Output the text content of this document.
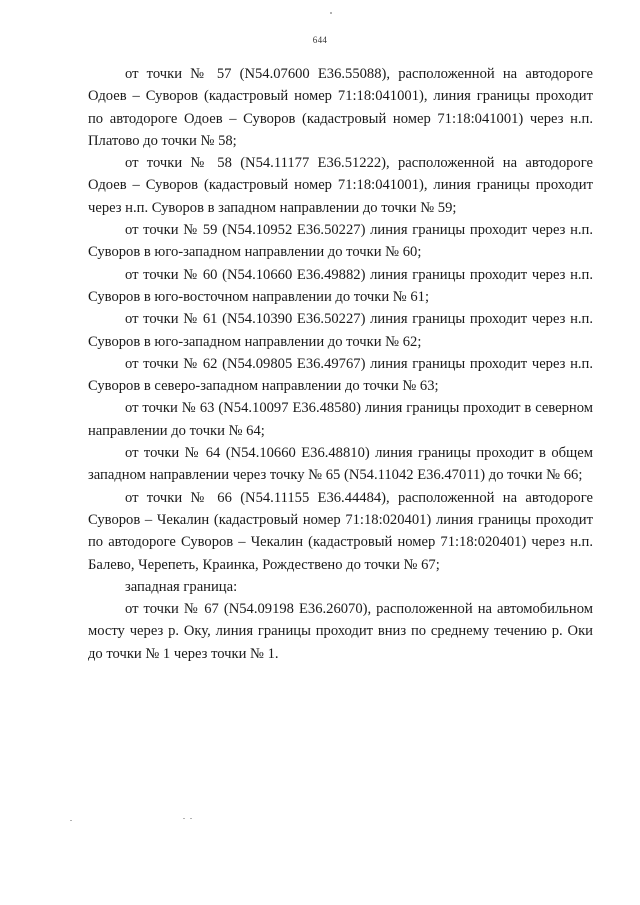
644

от точки № 57 (N54.07600 E36.55088), расположенной на автодороге Одоев – Суворов (кадастровый номер 71:18:041001), линия границы проходит по автодороге Одоев – Суворов (кадастровый номер 71:18:041001) через н.п. Платово до точки № 58;

от точки № 58 (N54.11177 E36.51222), расположенной на автодороге Одоев – Суворов (кадастровый номер 71:18:041001), линия границы проходит через н.п. Суворов в западном направлении до точки № 59;

от точки № 59 (N54.10952 E36.50227) линия границы проходит через н.п. Суворов в юго-западном направлении до точки № 60;

от точки № 60 (N54.10660 E36.49882) линия границы проходит через н.п. Суворов в юго-восточном направлении до точки № 61;

от точки № 61 (N54.10390 E36.50227) линия границы проходит через н.п. Суворов в юго-западном направлении до точки № 62;

от точки № 62 (N54.09805 E36.49767) линия границы проходит через н.п. Суворов в северо-западном направлении до точки № 63;

от точки № 63 (N54.10097 E36.48580) линия границы проходит в северном направлении до точки № 64;

от точки № 64 (N54.10660 E36.48810) линия границы проходит в общем западном направлении через точку № 65 (N54.11042 E36.47011) до точки № 66;

от точки № 66 (N54.11155 E36.44484), расположенной на автодороге Суворов – Чекалин (кадастровый номер 71:18:020401) линия границы проходит по автодороге Суворов – Чекалин (кадастровый номер 71:18:020401) через н.п. Балево, Черепеть, Краинка, Рождествено до точки № 67;

западная граница:

от точки № 67 (N54.09198 E36.26070), расположенной на автомобильном мосту через р. Оку, линия границы проходит вниз по среднему течению р. Оки до точки № 1 через точки № 1.
